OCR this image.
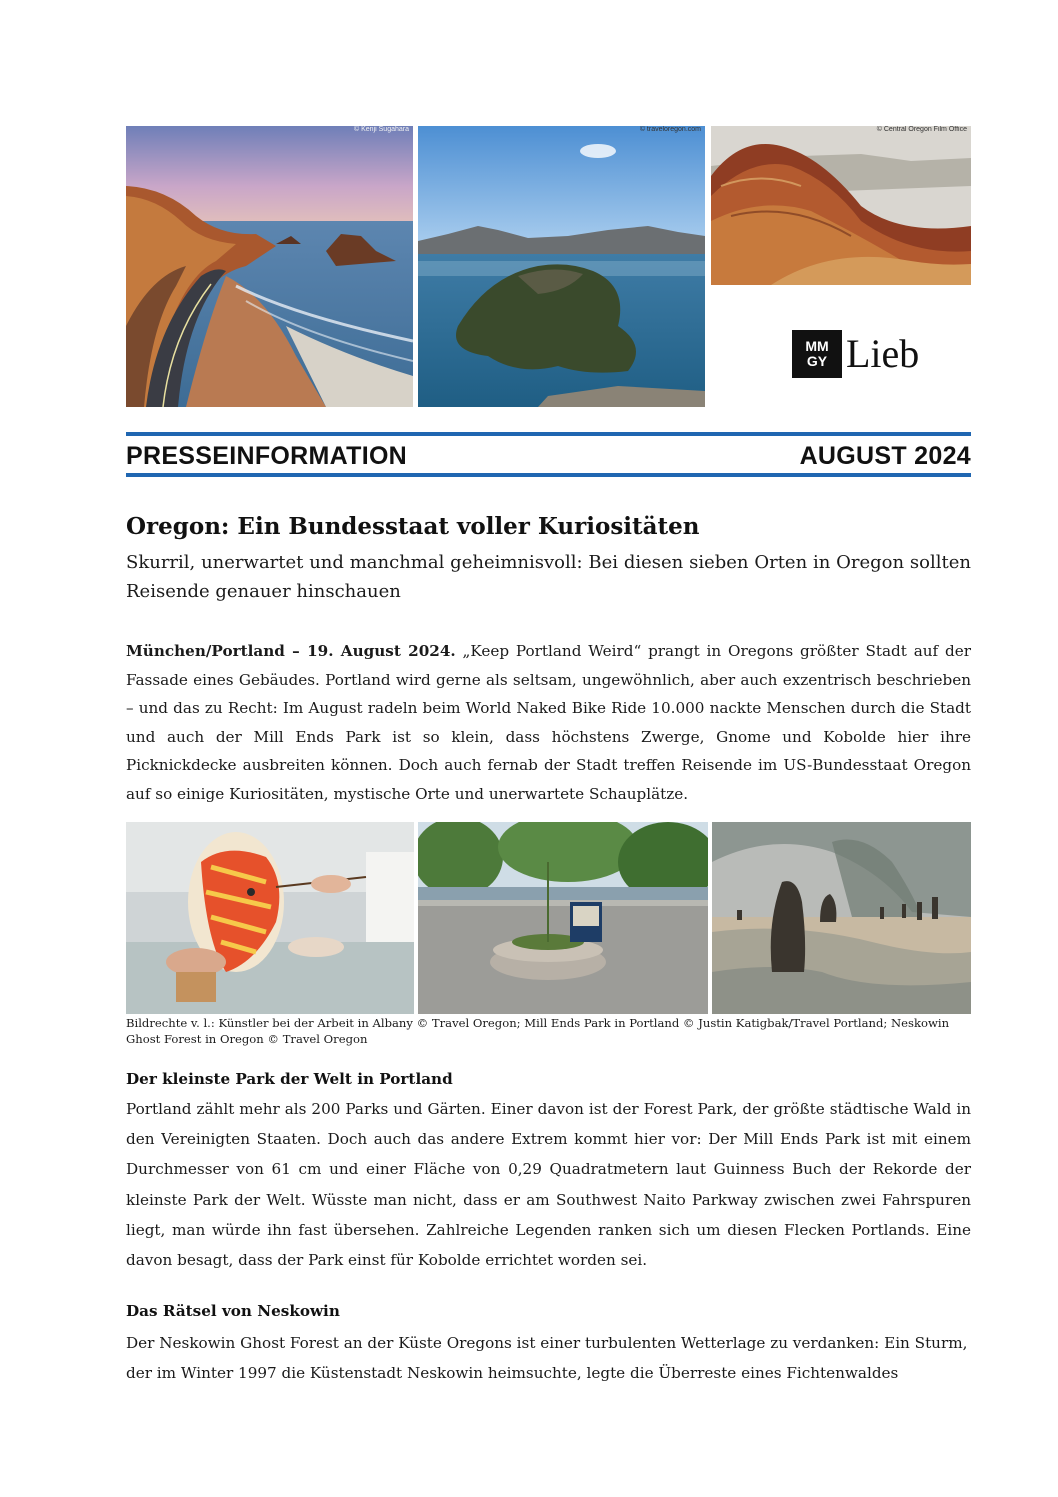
© Kenji Sugahara	© traveloregon.com	© Central Oregon Film Office
MM
GY Lieb
PRESSEINFORMATION	AUGUST 2024
Oregon: Ein Bundesstaat voller Kuriositäten
Skurril, unerwartet und manchmal geheimnisvoll: Bei diesen sieben Orten in Oregon sollten Reisende genauer hinschauen

München/Portland – 19. August 2024. „Keep Portland Weird“ prangt in Oregons größter Stadt auf der Fassade eines Gebäudes. Portland wird gerne als seltsam, ungewöhnlich, aber auch exzentrisch beschrieben – und das zu Recht: Im August radeln beim World Naked Bike Ride 10.000 nackte Menschen durch die Stadt und auch der Mill Ends Park ist so klein, dass höchstens Zwerge, Gnome und Kobolde hier ihre Picknickdecke ausbreiten können. Doch auch fernab der Stadt treffen Reisende im US-Bundesstaat Oregon auf so einige Kuriositäten, mystische Orte und unerwartete Schauplätze.

Bildrechte v. l.: Künstler bei der Arbeit in Albany © Travel Oregon; Mill Ends Park in Portland © Justin Katigbak/Travel Portland; Neskowin Ghost Forest in Oregon © Travel Oregon
Der kleinste Park der Welt in Portland
Portland zählt mehr als 200 Parks und Gärten. Einer davon ist der Forest Park, der größte städtische Wald in den Vereinigten Staaten. Doch auch das andere Extrem kommt hier vor: Der Mill Ends Park ist mit einem Durchmesser von 61 cm und einer Fläche von 0,29 Quadratmetern laut Guinness Buch der Rekorde der kleinste Park der Welt. Wüsste man nicht, dass er am Southwest Naito Parkway zwischen zwei Fahrspuren liegt, man würde ihn fast übersehen. Zahlreiche Legenden ranken sich um diesen Flecken Portlands. Eine davon besagt, dass der Park einst für Kobolde errichtet worden sei.
Das Rätsel von Neskowin
Der Neskowin Ghost Forest an der Küste Oregons ist einer turbulenten Wetterlage zu verdanken: Ein Sturm, der im Winter 1997 die Küstenstadt Neskowin heimsuchte, legte die Überreste eines Fichtenwaldes
